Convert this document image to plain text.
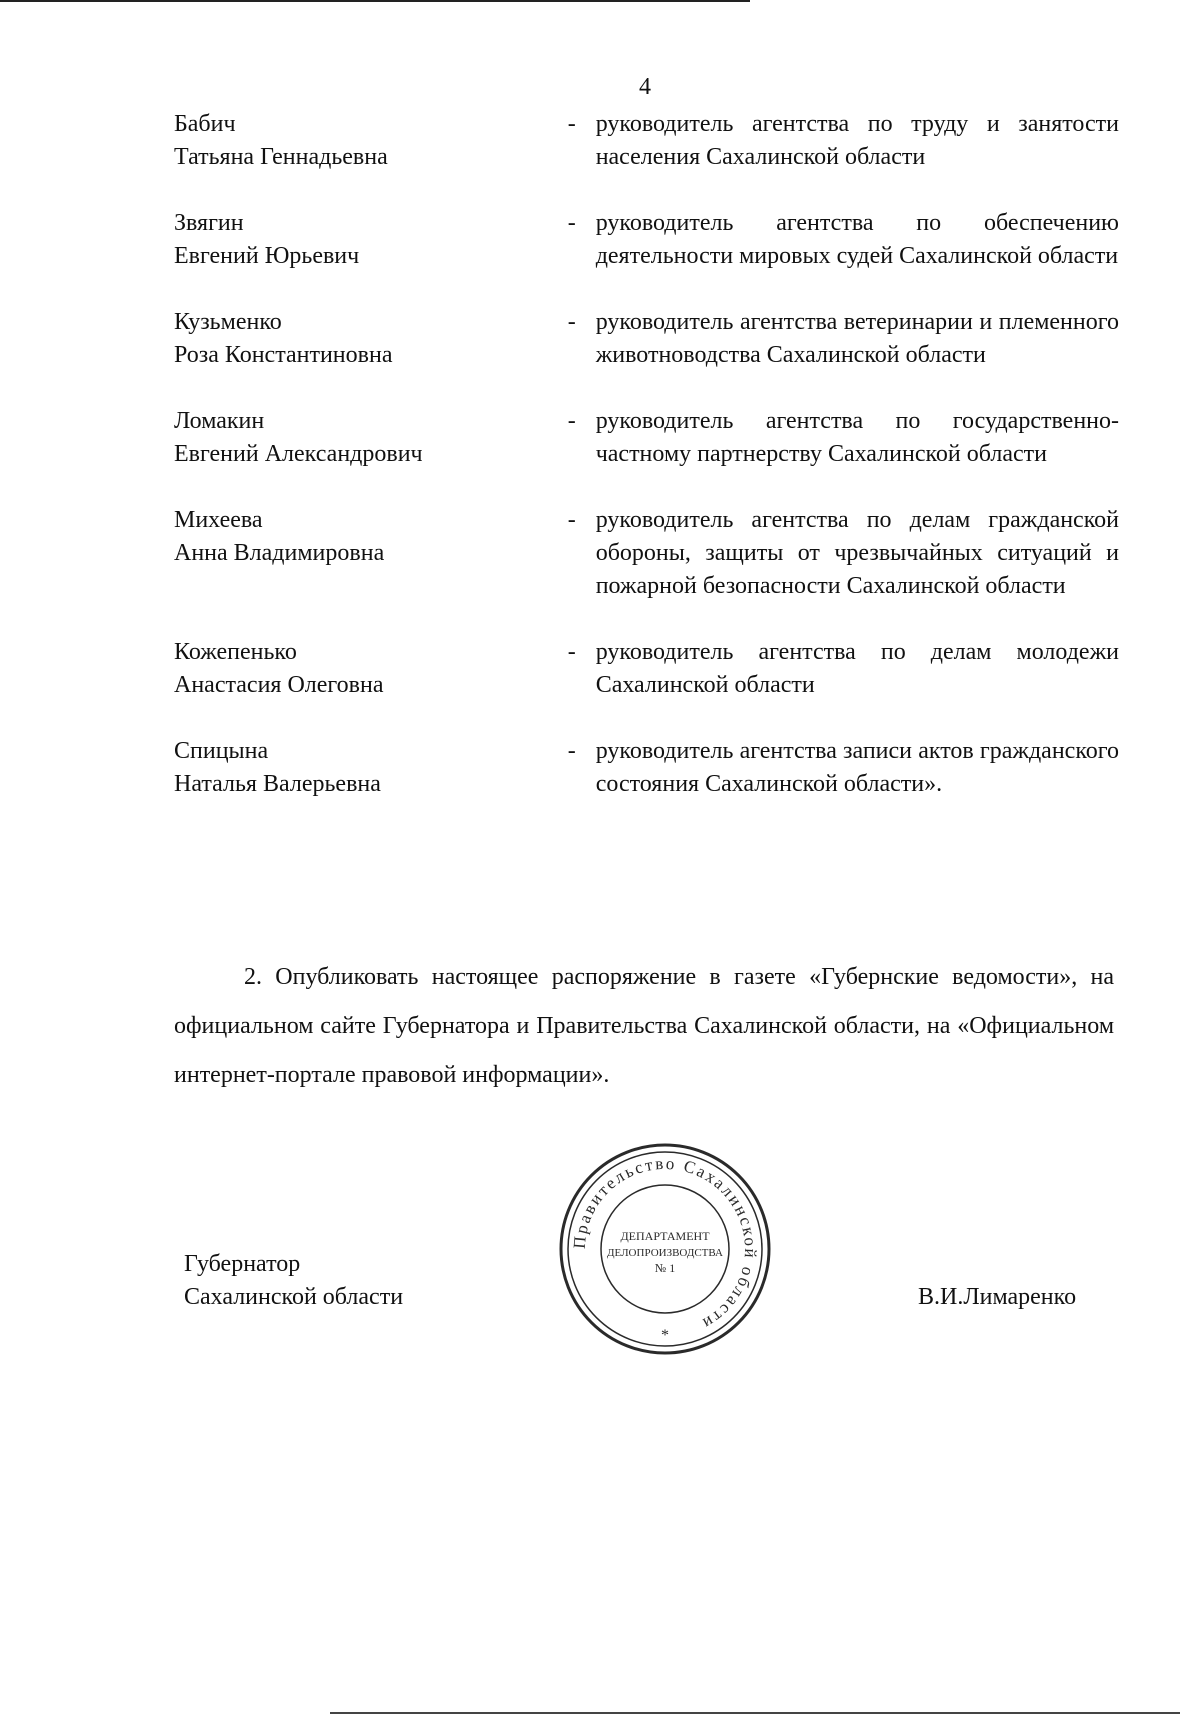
4
Бабич
Татьяна Геннадьевна
- руководитель агентства по труду и занятости населения Сахалинской области
Звягин
Евгений Юрьевич
- руководитель агентства по обеспечению деятельности мировых судей Сахалинской области
Кузьменко
Роза Константиновна
- руководитель агентства ветеринарии и племенного животноводства Сахалинской области
Ломакин
Евгений Александрович
- руководитель агентства по государственно-частному партнерству Сахалинской области
Михеева
Анна Владимировна
- руководитель агентства по делам гражданской обороны, защиты от чрезвычайных ситуаций и пожарной безопасности Сахалинской области
Кожепенько
Анастасия Олеговна
- руководитель агентства по делам молодежи Сахалинской области
Спицына
Наталья Валерьевна
- руководитель агентства записи актов гражданского состояния Сахалинской области».
2. Опубликовать настоящее распоряжение в газете «Губернские ведомости», на официальном сайте Губернатора и Правительства Сахалинской области, на «Официальном интернет-портале правовой информации».
Губернатор
Сахалинской области
Правительство Сахалинской области
ДЕПАРТАМЕНТ
ДЕЛОПРОИЗВОДСТВА
№ 1
*
В.И.Лимаренко
